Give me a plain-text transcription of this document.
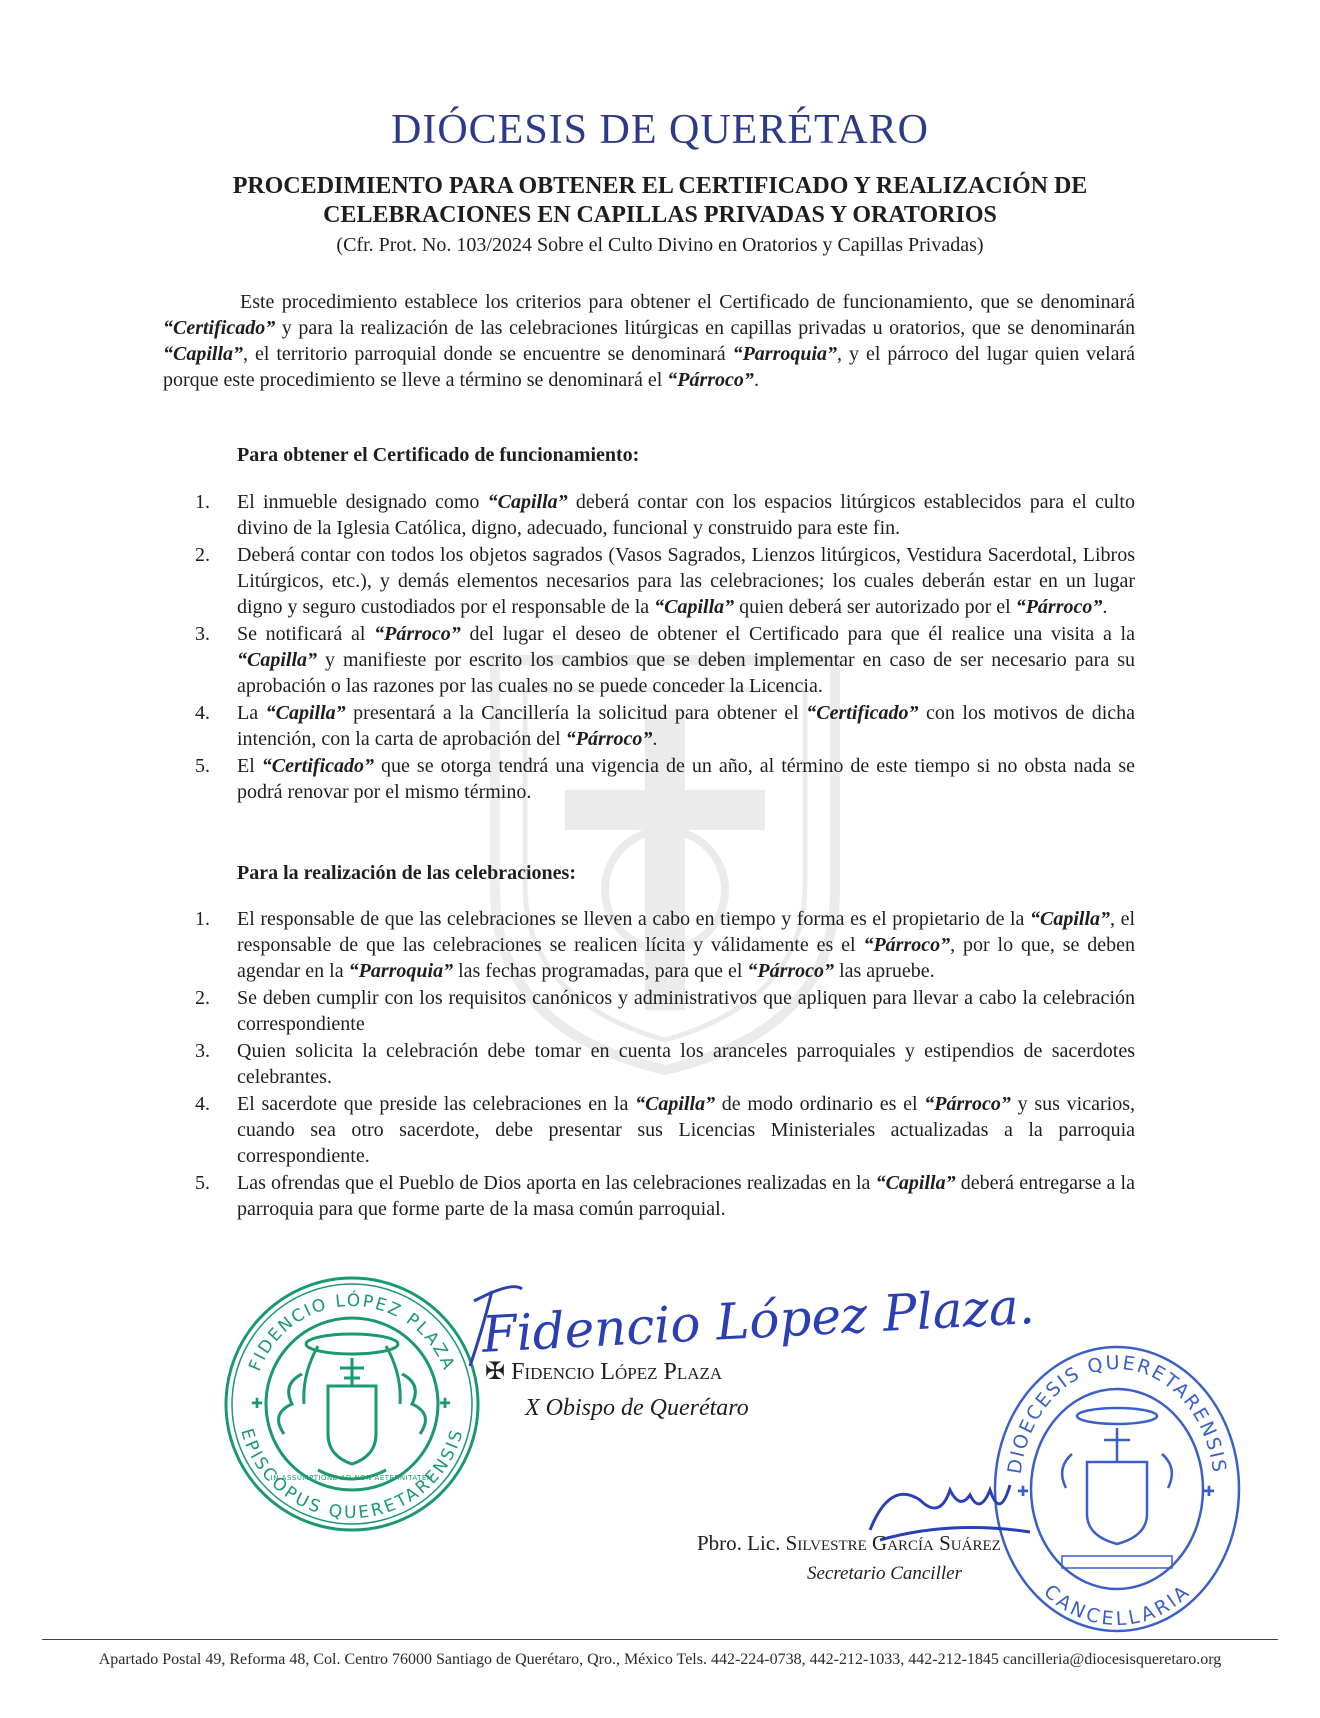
DIÓCESIS DE QUERÉTARO
PROCEDIMIENTO PARA OBTENER EL CERTIFICADO Y REALIZACIÓN DE
CELEBRACIONES EN CAPILLAS PRIVADAS Y ORATORIOS
(Cfr. Prot. No. 103/2024 Sobre el Culto Divino en Oratorios y Capillas Privadas)

Este procedimiento establece los criterios para obtener el Certificado de funcionamiento, que se denominará “Certificado” y para la realización de las celebraciones litúrgicas en capillas privadas u oratorios, que se denominarán “Capilla”, el territorio parroquial donde se encuentre se denominará “Parroquia”, y el párroco del lugar quien velará porque este procedimiento se lleve a término se denominará el “Párroco”.

Para obtener el Certificado de funcionamiento:
1.	El inmueble designado como “Capilla” deberá contar con los espacios litúrgicos establecidos para el culto divino de la Iglesia Católica, digno, adecuado, funcional y construido para este fin.
2.	Deberá contar con todos los objetos sagrados (Vasos Sagrados, Lienzos litúrgicos, Vestidura Sacerdotal, Libros Litúrgicos, etc.), y demás elementos necesarios para las celebraciones; los cuales deberán estar en un lugar digno y seguro custodiados por el responsable de la “Capilla” quien deberá ser autorizado por el “Párroco”.
3.	Se notificará al “Párroco” del lugar el deseo de obtener el Certificado para que él realice una visita a la “Capilla” y manifieste por escrito los cambios que se deben implementar en caso de ser necesario para su aprobación o las razones por las cuales no se puede conceder la Licencia.
4.	La “Capilla” presentará a la Cancillería la solicitud para obtener el “Certificado” con los motivos de dicha intención, con la carta de aprobación del “Párroco”.
5.	El “Certificado” que se otorga tendrá una vigencia de un año, al término de este tiempo si no obsta nada se podrá renovar por el mismo término.
Para la realización de las celebraciones:
1.	El responsable de que las celebraciones se lleven a cabo en tiempo y forma es el propietario de la “Capilla”, el responsable de que las celebraciones se realicen lícita y válidamente es el “Párroco”, por lo que, se deben agendar en la “Parroquia” las fechas programadas, para que el “Párroco” las apruebe.
2.	Se deben cumplir con los requisitos canónicos y administrativos que apliquen para llevar a cabo la celebración correspondiente
3.	Quien solicita la celebración debe tomar en cuenta los aranceles parroquiales y estipendios de sacerdotes celebrantes.
4.	El sacerdote que preside las celebraciones en la “Capilla” de modo ordinario es el “Párroco” y sus vicarios, cuando sea otro sacerdote, debe presentar sus Licencias Ministeriales actualizadas a la parroquia correspondiente.
5.	Las ofrendas que el Pueblo de Dios aporta en las celebraciones realizadas en la “Capilla” deberá entregarse a la parroquia para que forme parte de la masa común parroquial.
FIDENCIO LÓPEZ PLAZA
EPISCOPUS QUERETARENSIS
IN ASSUMPTIONE AD NON AETERNITATEM
✚	✚
Fidencio López Plaza.
✠ Fidencio López Plaza
X Obispo de Querétaro
DIOECESIS QUERETARENSIS
CANCELLARIA
✚	✚
Pbro. Lic. Silvestre García Suárez
Secretario Canciller
Apartado Postal 49, Reforma 48, Col. Centro 76000 Santiago de Querétaro, Qro., México Tels. 442-224-0738, 442-212-1033, 442-212-1845 cancilleria@diocesisqueretaro.org
